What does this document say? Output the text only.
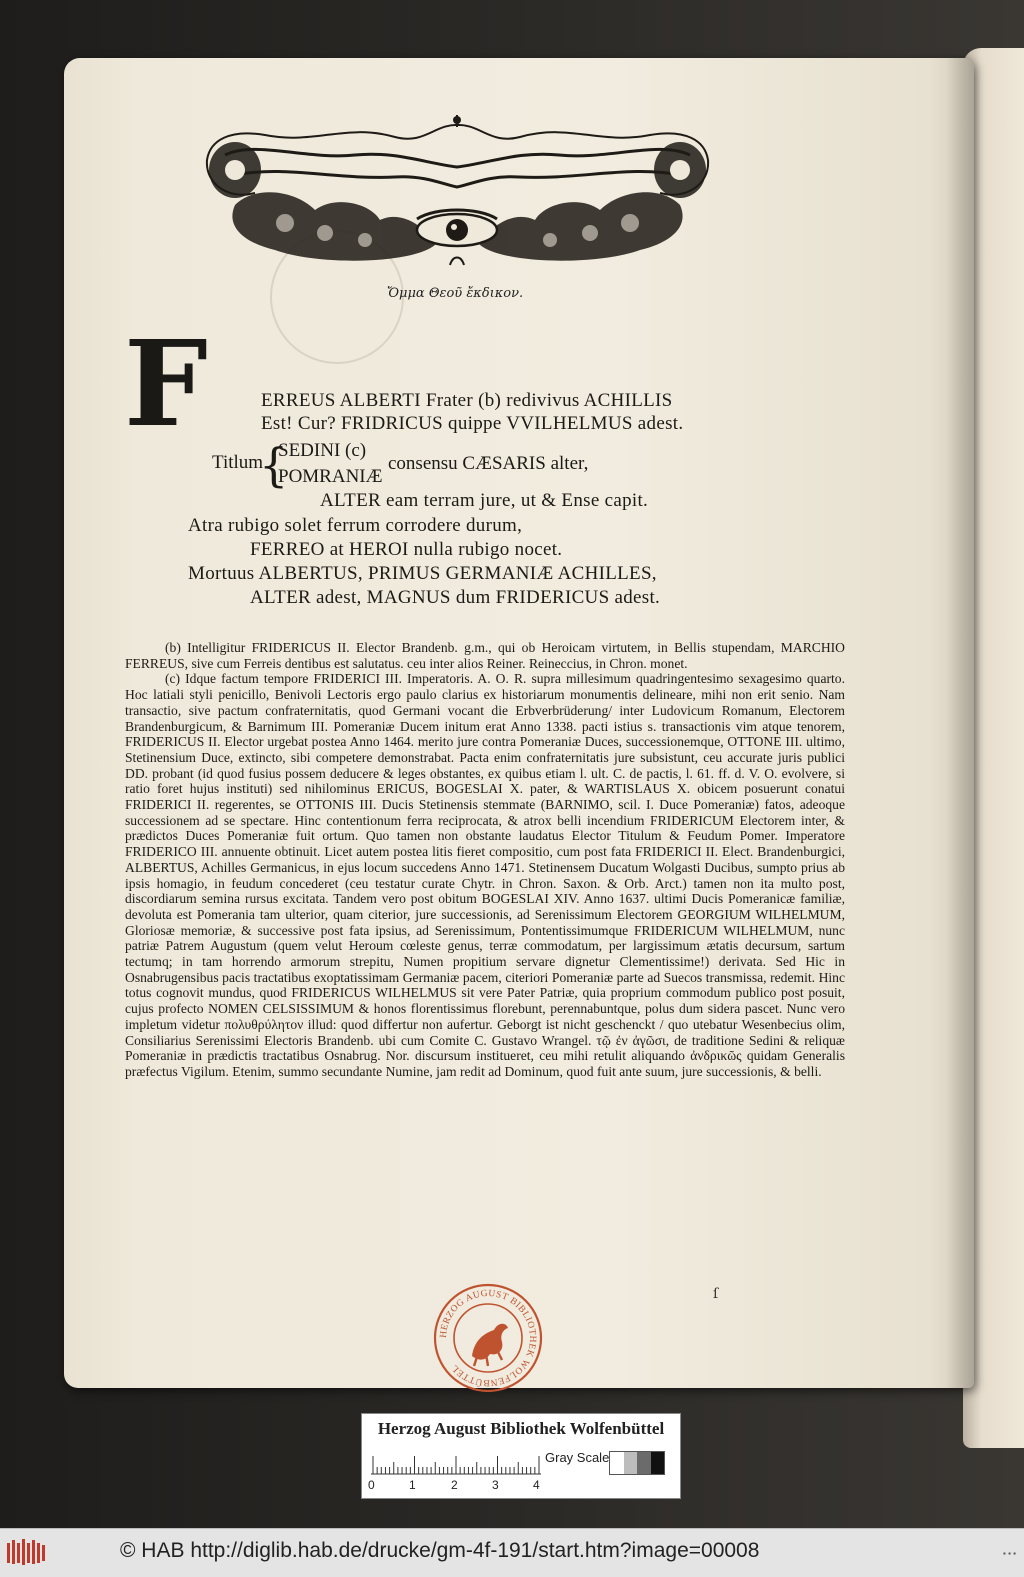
Ὄμμα Θεοῦ ἔκδικον.
F	ERREUS ALBERTI Frater (b) redivivus ACHILLIS
Est! Cur? FRIDRICUS quippe VVILHELMUS adest.
Titlum
{
SEDINI (c)
POMRANIÆ
consensu CÆSARIS alter,
ALTER eam terram jure, ut & Ense capit.
Atra rubigo solet ferrum corrodere durum,
FERREO at HEROI nulla rubigo nocet.
Mortuus ALBERTUS, PRIMUS GERMANIÆ ACHILLES,
ALTER adest, MAGNUS dum FRIDERICUS adest.

(b) Intelligitur FRIDERICUS II. Elector Brandenb. g.m., qui ob Heroicam virtutem, in Bellis stupendam, MARCHIO FERREUS, sive cum Ferreis dentibus est salutatus. ceu inter alios Reiner. Reineccius, in Chron. monet.

(c) Idque factum tempore FRIDERICI III. Imperatoris. A. O. R. supra millesimum quadringentesimo sexagesimo quarto. Hoc latiali styli penicillo, Benivoli Lectoris ergo paulo clarius ex historiarum monumentis delineare, mihi non erit senio. Nam transactio, sive pactum confraternitatis, quod Germani vocant die Erbverbrüderung/ inter Ludovicum Romanum, Electorem Brandenburgicum, & Barnimum III. Pomeraniæ Ducem initum erat Anno 1338. pacti istius s. transactionis vim atque tenorem, FRIDERICUS II. Elector urgebat postea Anno 1464. merito jure contra Pomeraniæ Duces, successionemque, OTTONE III. ultimo, Stetinensium Duce, extincto, sibi competere demonstrabat. Pacta enim confraternitatis jure subsistunt, ceu accurate juris publici DD. probant (id quod fusius possem deducere & leges obstantes, ex quibus etiam l. ult. C. de pactis, l. 61. ff. d. V. O. evolvere, si ratio foret hujus instituti) sed nihilominus ERICUS, BOGESLAI X. pater, & WARTISLAUS X. obicem posuerunt conatui FRIDERICI II. regerentes, se OTTONIS III. Ducis Stetinensis stemmate (BARNIMO, scil. I. Duce Pomeraniæ) fatos, adeoque successionem ad se spectare. Hinc contentionum ferra reciprocata, & atrox belli incendium FRIDERICUM Electorem inter, & prædictos Duces Pomeraniæ fuit ortum. Quo tamen non obstante laudatus Elector Titulum & Feudum Pomer. Imperatore FRIDERICO III. annuente obtinuit. Licet autem postea litis fieret compositio, cum post fata FRIDERICI II. Elect. Brandenburgici, ALBERTUS, Achilles Germanicus, in ejus locum succedens Anno 1471. Stetinensem Ducatum Wolgasti Ducibus, sumpto prius ab ipsis homagio, in feudum concederet (ceu testatur curate Chytr. in Chron. Saxon. & Orb. Arct.) tamen non ita multo post, discordiarum semina rursus excitata. Tandem vero post obitum BOGESLAI XIV. Anno 1637. ultimi Ducis Pomeranicæ familiæ, devoluta est Pomerania tam ulterior, quam citerior, jure successionis, ad Serenissimum Electorem GEORGIUM WILHELMUM, Gloriosæ memoriæ, & successive post fata ipsius, ad Serenissimum, Pontentissimumque FRIDERICUM WILHELMUM, nunc patriæ Patrem Augustum (quem velut Heroum cœleste genus, terræ commodatum, per largissimum ætatis decursum, sartum tectumq; in tam horrendo armorum strepitu, Numen propitium servare dignetur Clementissime!) derivata. Sed Hic in Osnabrugensibus pacis tractatibus exoptatissimam Germaniæ pacem, citeriori Pomeraniæ parte ad Suecos transmissa, redemit. Hinc totus cognovit mundus, quod FRIDERICUS WILHELMUS sit vere Pater Patriæ, quia proprium commodum publico post posuit, cujus profecto NOMEN CELSISSIMUM & honos florentissimus florebunt, perennabuntque, polus dum sidera pascet. Nunc vero impletum videtur πολυθρύλητον illud: quod differtur non aufertur. Geborgt ist nicht geschenckt / quo utebatur Wesenbecius olim, Consiliarius Serenissimi Electoris Brandenb. ubi cum Comite C. Gustavo Wrangel. τῷ ἐν ἀγῶσι, de traditione Sedini & reliquæ Pomeraniæ in prædictis tractatibus Osnabrug. Nor. discursum institueret, ceu mihi retulit aliquando ἀνδρικῶς quidam Generalis præfectus Vigilum. Etenim, summo secundante Numine, jam redit ad Dominum, quod fuit ante suum, jure successionis, & belli.

HERZOG AUGUST BIBLIOTHEK WOLFENBÜTTEL
ſ
Herzog August Bibliothek Wolfenbüttel
0	1	2	3	4
Gray Scale
© HAB http://diglib.hab.de/drucke/gm-4f-191/start.htm?image=00008	▪ ▪ ▪
